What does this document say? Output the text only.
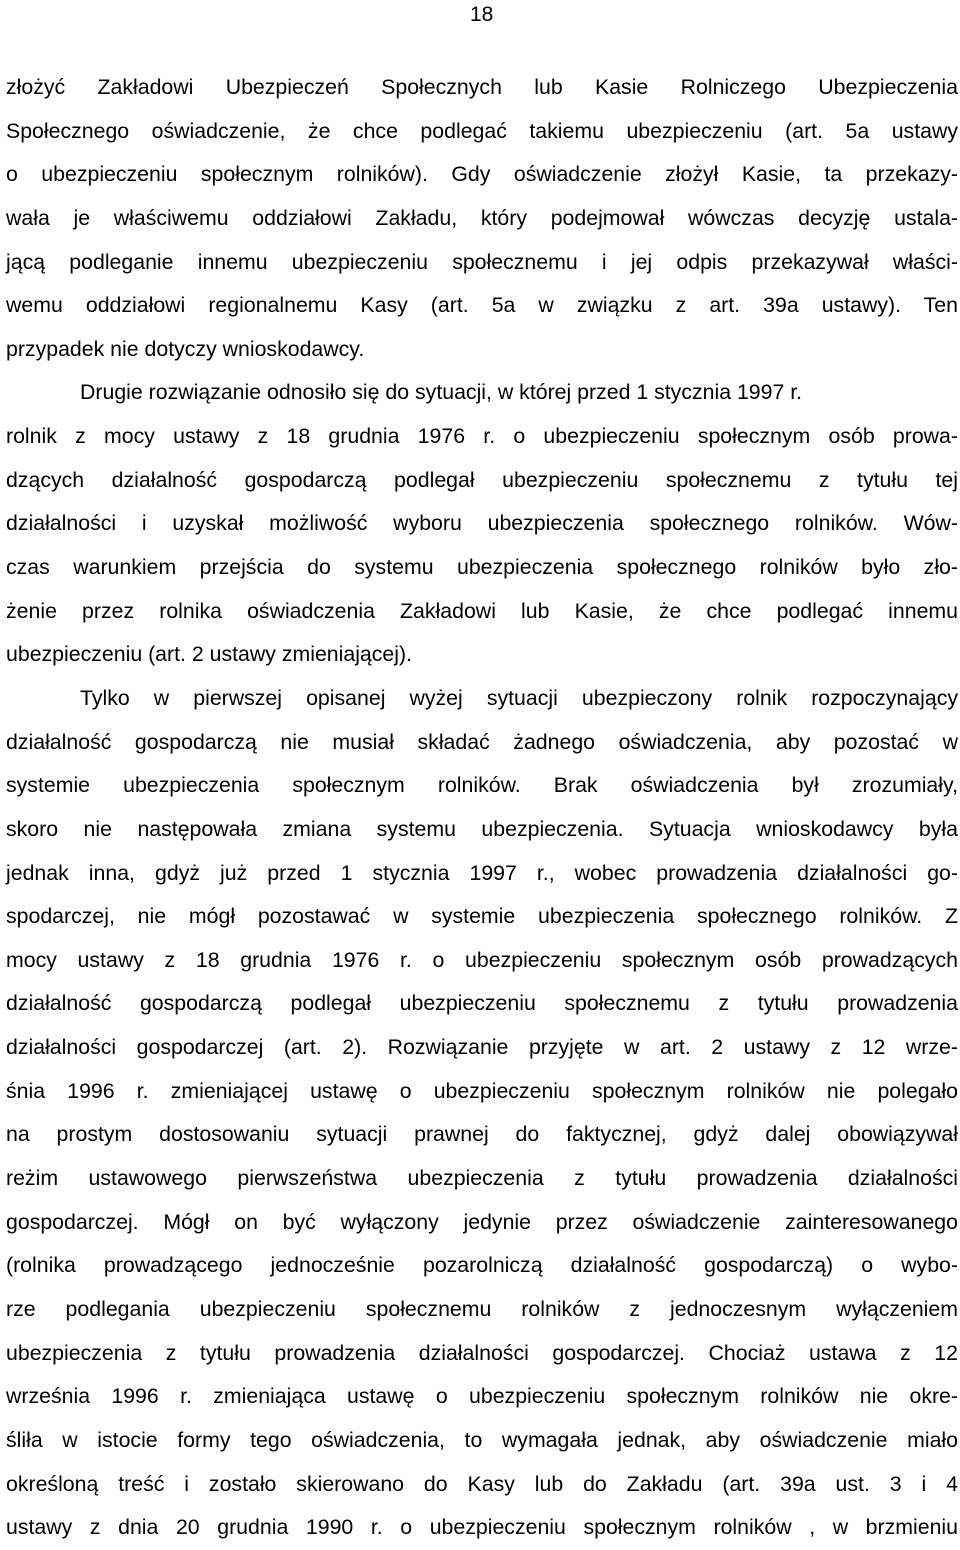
18
złożyć Zakładowi Ubezpieczeń Społecznych lub Kasie Rolniczego Ubezpieczenia
Społecznego oświadczenie, że chce podlegać takiemu ubezpieczeniu (art. 5a ustawy
o ubezpieczeniu społecznym rolników). Gdy oświadczenie złożył Kasie, ta przekazy-
wała je właściwemu oddziałowi Zakładu, który podejmował wówczas decyzję ustala-
jącą podleganie innemu ubezpieczeniu społecznemu i jej odpis przekazywał właści-
wemu oddziałowi regionalnemu Kasy (art. 5a w związku z art. 39a ustawy). Ten
przypadek nie dotyczy wnioskodawcy.
Drugie rozwiązanie odnosiło się do sytuacji, w której przed 1 stycznia 1997 r.
rolnik z mocy ustawy z 18 grudnia 1976 r. o ubezpieczeniu społecznym osób prowa-
dzących działalność gospodarczą podlegał ubezpieczeniu społecznemu z tytułu tej
działalności i uzyskał możliwość wyboru ubezpieczenia społecznego rolników. Wów-
czas warunkiem przejścia do systemu ubezpieczenia społecznego rolników było zło-
żenie przez rolnika oświadczenia Zakładowi lub Kasie, że chce podlegać innemu
ubezpieczeniu (art. 2 ustawy zmieniającej).
Tylko w pierwszej opisanej wyżej sytuacji ubezpieczony rolnik rozpoczynający
działalność gospodarczą nie musiał składać żadnego oświadczenia, aby pozostać w
systemie ubezpieczenia społecznym rolników. Brak oświadczenia był zrozumiały,
skoro nie następowała zmiana systemu ubezpieczenia. Sytuacja wnioskodawcy była
jednak inna, gdyż już przed 1 stycznia 1997 r., wobec prowadzenia działalności go-
spodarczej, nie mógł pozostawać w systemie ubezpieczenia społecznego rolników. Z
mocy ustawy z 18 grudnia 1976 r. o ubezpieczeniu społecznym osób prowadzących
działalność gospodarczą podlegał ubezpieczeniu społecznemu z tytułu prowadzenia
działalności gospodarczej (art. 2). Rozwiązanie przyjęte w art. 2 ustawy z 12 wrze-
śnia 1996 r. zmieniającej ustawę o ubezpieczeniu społecznym rolników nie polegało
na prostym dostosowaniu sytuacji prawnej do faktycznej, gdyż dalej obowiązywał
reżim ustawowego pierwszeństwa ubezpieczenia z tytułu prowadzenia działalności
gospodarczej. Mógł on być wyłączony jedynie przez oświadczenie zainteresowanego
(rolnika prowadzącego jednocześnie pozarolniczą działalność gospodarczą) o wybo-
rze podlegania ubezpieczeniu społecznemu rolników z jednoczesnym wyłączeniem
ubezpieczenia z tytułu prowadzenia działalności gospodarczej. Chociaż ustawa z 12
września 1996 r. zmieniająca ustawę o ubezpieczeniu społecznym rolników nie okre-
śliła w istocie formy tego oświadczenia, to wymagała jednak, aby oświadczenie miało
określoną treść i zostało skierowano do Kasy lub do Zakładu (art. 39a ust. 3 i 4
ustawy z dnia 20 grudnia 1990 r. o ubezpieczeniu społecznym rolników , w brzmieniu
